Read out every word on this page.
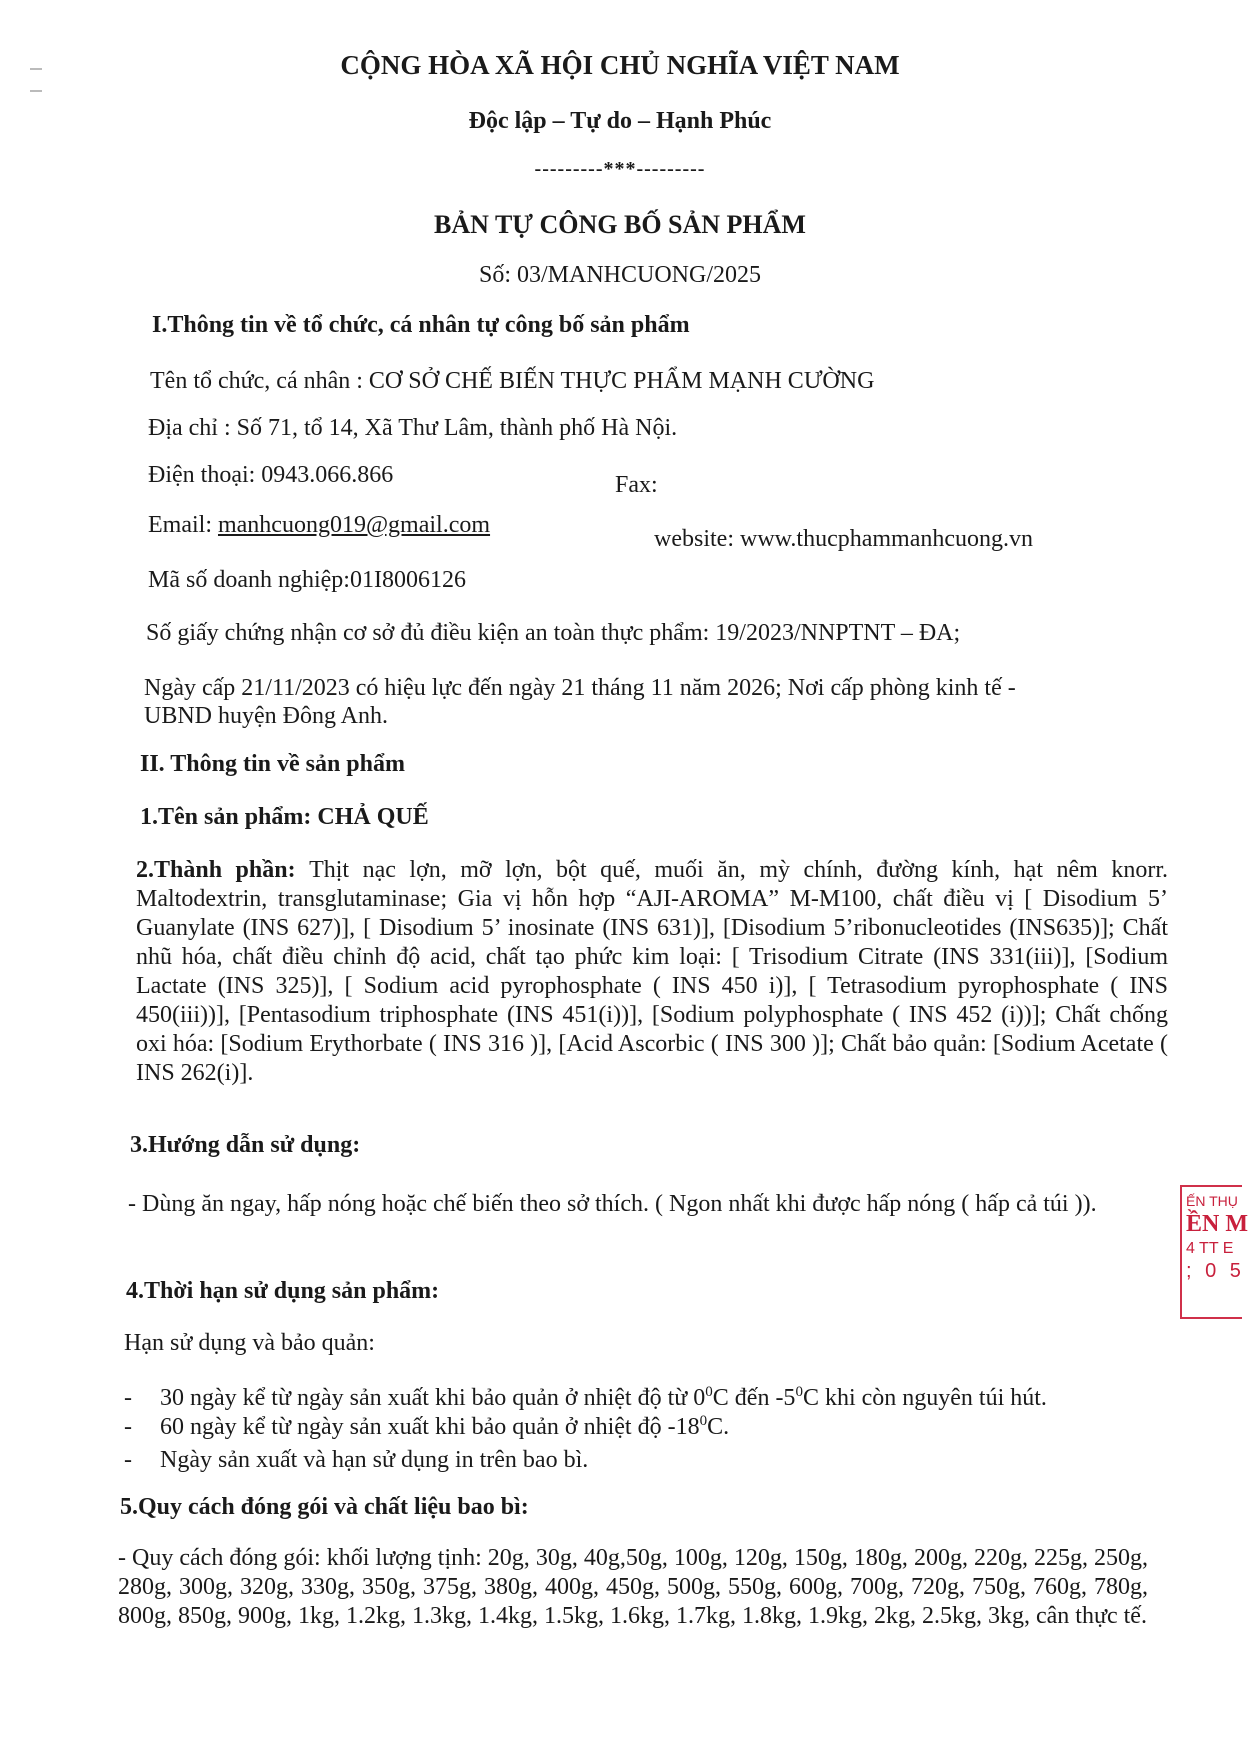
CỘNG HÒA XÃ HỘI CHỦ NGHĨA VIỆT NAM
Độc lập – Tự do – Hạnh Phúc
---------***---------
BẢN TỰ CÔNG BỐ SẢN PHẨM
Số: 03/MANHCUONG/2025
I.Thông tin về tổ chức, cá nhân tự công bố sản phẩm
Tên tổ chức, cá nhân : CƠ SỞ CHẾ BIẾN THỰC PHẨM MẠNH CƯỜNG
Địa chỉ : Số 71, tổ 14, Xã Thư Lâm, thành phố Hà Nội.
Điện thoại: 0943.066.866	Fax:
Email: manhcuong019@gmail.com
website: www.thucphammanhcuong.vn
Mã số doanh nghiệp:01I8006126
Số giấy chứng nhận cơ sở đủ điều kiện an toàn thực phẩm: 19/2023/NNPTNT – ĐA;
Ngày cấp 21/11/2023 có hiệu lực đến ngày 21 tháng 11 năm 2026; Nơi cấp phòng kinh tế -
UBND huyện Đông Anh.
II. Thông tin về sản phẩm
1.Tên sản phẩm: CHẢ QUẾ
2.Thành phần: Thịt nạc lợn, mỡ lợn, bột quế, muối ăn, mỳ chính, đường kính, hạt nêm knorr. Maltodextrin, transglutaminase; Gia vị hỗn hợp “AJI-AROMA” M-M100, chất điều vị [ Disodium 5’ Guanylate (INS 627)], [ Disodium 5’ inosinate (INS 631)], [Disodium 5’ribonucleotides (INS635)]; Chất nhũ hóa, chất điều chỉnh độ acid, chất tạo phức kim loại: [ Trisodium Citrate (INS 331(iii)], [Sodium Lactate (INS 325)], [ Sodium acid pyrophosphate ( INS 450 i)], [ Tetrasodium pyrophosphate ( INS 450(iii))], [Pentasodium triphosphate (INS 451(i))], [Sodium polyphosphate ( INS 452 (i))]; Chất chống oxi hóa: [Sodium Erythorbate ( INS 316 )], [Acid Ascorbic ( INS 300 )]; Chất bảo quản: [Sodium Acetate ( INS 262(i)].
3.Hướng dẫn sử dụng:
- Dùng ăn ngay, hấp nóng hoặc chế biến theo sở thích. ( Ngon nhất khi được hấp nóng ( hấp cả túi )).
4.Thời hạn sử dụng sản phẩm:
Hạn sử dụng và bảo quản:
- 30 ngày kể từ ngày sản xuất khi bảo quản ở nhiệt độ từ $0^0C$ đến $-5^0C$ khi còn nguyên túi hút.
- 60 ngày kể từ ngày sản xuất khi bảo quản ở nhiệt độ $-18^0C$.
- Ngày sản xuất và hạn sử dụng in trên bao bì.
5.Quy cách đóng gói và chất liệu bao bì:
- Quy cách đóng gói: khối lượng tịnh: 20g, 30g, 40g,50g, 100g, 120g, 150g, 180g, 200g, 220g, 225g, 250g, 280g, 300g, 320g, 330g, 350g, 375g, 380g, 400g, 450g, 500g, 550g, 600g, 700g, 720g, 750g, 760g, 780g, 800g, 850g, 900g, 1kg, 1.2kg, 1.3kg, 1.4kg, 1.5kg, 1.6kg, 1.7kg, 1.8kg, 1.9kg, 2kg, 2.5kg, 3kg, cân thực tế.
ẾN THỤ
ỀN M
4 TT E
; 0 5
